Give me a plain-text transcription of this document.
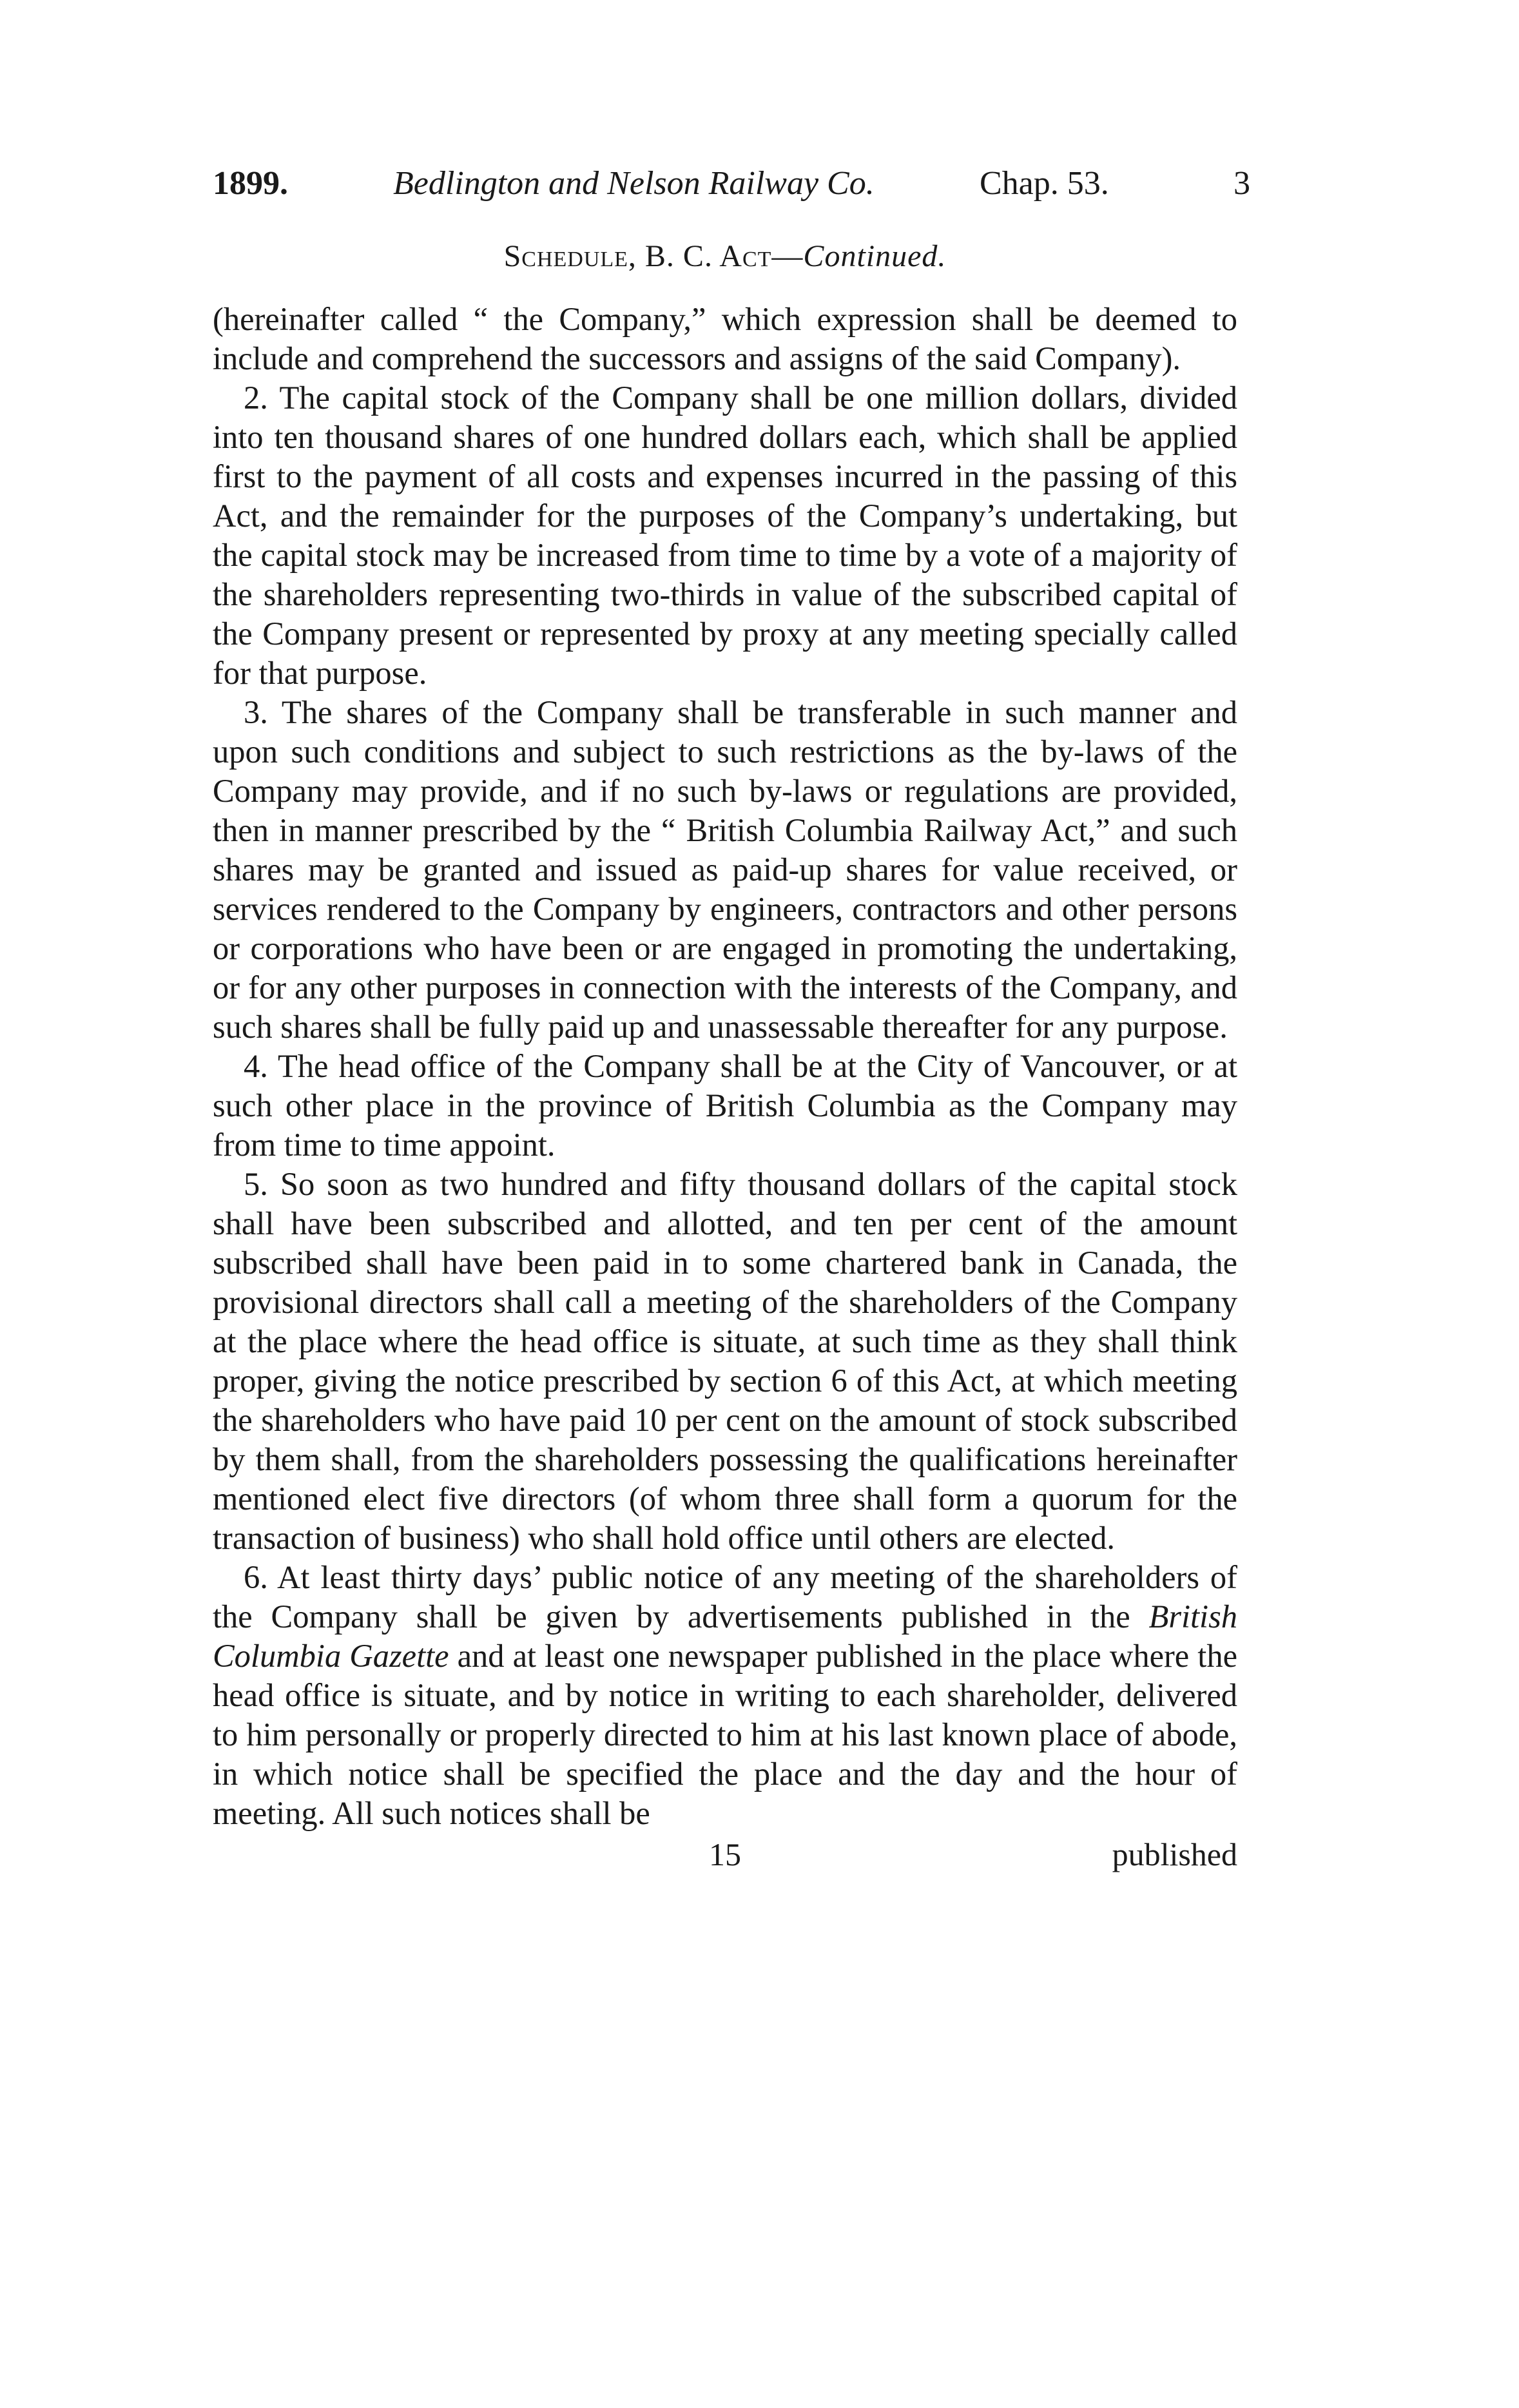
1899.	Bedlington and Nelson Railway Co.	Chap. 53.	3
Schedule, B. C. Act—Continued.

(hereinafter called “ the Company,” which expression shall be deemed to include and comprehend the successors and assigns of the said Company).

2. The capital stock of the Company shall be one million dollars, divided into ten thousand shares of one hundred dollars each, which shall be applied first to the payment of all costs and expenses incurred in the passing of this Act, and the remainder for the purposes of the Company’s undertaking, but the capital stock may be increased from time to time by a vote of a majority of the shareholders representing two-thirds in value of the subscribed capital of the Company present or represented by proxy at any meeting specially called for that purpose.

3. The shares of the Company shall be transferable in such manner and upon such conditions and subject to such restrictions as the by-laws of the Company may provide, and if no such by-laws or regulations are provided, then in manner prescribed by the “ British Columbia Railway Act,” and such shares may be granted and issued as paid-up shares for value received, or services rendered to the Company by engineers, contractors and other persons or corporations who have been or are engaged in promoting the undertaking, or for any other purposes in connection with the interests of the Company, and such shares shall be fully paid up and unassessable thereafter for any purpose.

4. The head office of the Company shall be at the City of Vancouver, or at such other place in the province of British Columbia as the Company may from time to time appoint.

5. So soon as two hundred and fifty thousand dollars of the capital stock shall have been subscribed and allotted, and ten per cent of the amount subscribed shall have been paid in to some chartered bank in Canada, the provisional directors shall call a meeting of the shareholders of the Company at the place where the head office is situate, at such time as they shall think proper, giving the notice prescribed by section 6 of this Act, at which meeting the shareholders who have paid 10 per cent on the amount of stock subscribed by them shall, from the shareholders possessing the qualifications hereinafter mentioned elect five directors (of whom three shall form a quorum for the transaction of business) who shall hold office until others are elected.

6. At least thirty days’ public notice of any meeting of the shareholders of the Company shall be given by advertisements published in the British Columbia Gazette and at least one newspaper published in the place where the head office is situate, and by notice in writing to each shareholder, delivered to him personally or properly directed to him at his last known place of abode, in which notice shall be specified the place and the day and the hour of meeting. All such notices shall be

15	published
